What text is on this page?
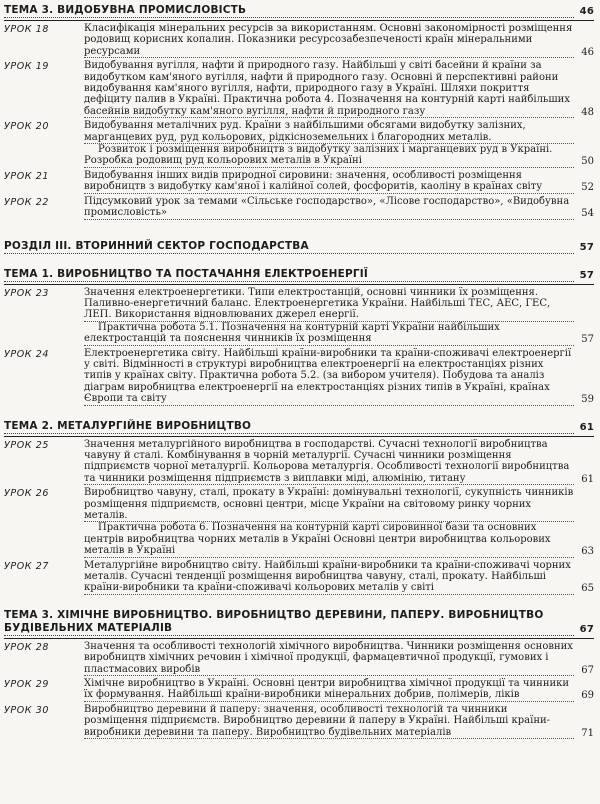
ТЕМА 3. ВИДОБУВНА ПРОМИСЛОВІСТЬ	46
УРОК 18	Класифікація мінеральних ресурсів за використанням. Основні закономірності розміщення родовищ корисних копалин. Показники ресурсозабезпеченості країн мінеральними ресурсами	46
УРОК 19	Видобування вугілля, нафти й природного газу. Найбільші у світі басейни й країни за видобутком кам'яного вугілля, нафти й природного газу. Основні й перспективні райони видобування кам'яного вугілля, нафти, природного газу в Україні. Шляхи покриття дефіциту палив в Україні. Практична робота 4. Позначення на контурній карті найбільших басейнів видобутку кам'яного вугілля, нафти й природного газу	48
УРОК 20	Видобування металічних руд. Країни з найбільшими обсягами видобутку залізних, марганцевих руд, руд кольорових, рідкісноземельних і благородних металів.
Розвиток і розміщення виробництв з видобутку залізних і марганцевих руд в Україні. Розробка родовищ руд кольорових металів в Україні	50
УРОК 21	Видобування інших видів природної сировини: значення, особливості розміщення виробництв з видобутку кам'яної і калійної солей, фосфоритів, каоліну в країнах світу	52
УРОК 22	Підсумковий урок за темами «Сільське господарство», «Лісове господарство», «Видобувна промисловість»	54
РОЗДІЛ ІІІ. ВТОРИННИЙ СЕКТОР ГОСПОДАРСТВА	57
ТЕМА 1. ВИРОБНИЦТВО ТА ПОСТАЧАННЯ ЕЛЕКТРОЕНЕРГІЇ	57
УРОК 23	Значення електроенергетики. Типи електростанцій, основні чинники їх розміщення. Паливно-енергетичний баланс. Електроенергетика України. Найбільші ТЕС, АЕС, ГЕС, ЛЕП. Використання відновлюваних джерел енергії.
Практична робота 5.1. Позначення на контурній карті України найбільших електростанцій та пояснення чинників їх розміщення	57
УРОК 24	Електроенергетика світу. Найбільші країни-виробники та країни-споживачі електроенергії у світі. Відмінності в структурі виробництва електроенергії на електростанціях різних типів у країнах світу. Практична робота 5.2. (за вибором учителя). Побудова та аналіз діаграм виробництва електроенергії на електростанціях різних типів в Україні, країнах Європи та світу	59
ТЕМА 2. МЕТАЛУРГІЙНЕ ВИРОБНИЦТВО	61
УРОК 25	Значення металургійного виробництва в господарстві. Сучасні технології виробництва чавуну й сталі. Комбінування в чорній металургії. Сучасні чинники розміщення підприємств чорної металургії. Кольорова металургія. Особливості технології виробництва та чинники розміщення підприємств з виплавки міді, алюмінію, титану	61
УРОК 26	Виробництво чавуну, сталі, прокату в Україні: домінувальні технології, сукупність чинників розміщення підприємств, основні центри, місце України на світовому ринку чорних металів.
Практична робота 6. Позначення на контурній карті сировинної бази та основних центрів виробництва чорних металів в Україні Основні центри виробництва кольорових металів в Україні	63
УРОК 27	Металургійне виробництво світу. Найбільші країни-виробники та країни-споживачі чорних металів. Сучасні тенденції розміщення виробництва чавуну, сталі, прокату. Найбільші країни-виробники та країни-споживачі кольорових металів у світі	65
ТЕМА 3. ХІМІЧНЕ ВИРОБНИЦТВО. ВИРОБНИЦТВО ДЕРЕВИНИ, ПАПЕРУ. ВИРОБНИЦТВО БУДІВЕЛЬНИХ МАТЕРІАЛІВ	67
УРОК 28	Значення та особливості технологій хімічного виробництва. Чинники розміщення основних виробництв хімічних речовин і хімічної продукції, фармацевтичної продукції, гумових і пластмасових виробів	67
УРОК 29	Хімічне виробництво в Україні. Основні центри виробництва хімічної продукції та чинники їх формування. Найбільші країни-виробники мінеральних добрив, полімерів, ліків	69
УРОК 30	Виробництво деревини й паперу: значення, особливості технологій та чинники розміщення підприємств. Виробництво деревини й паперу в Україні. Найбільші країни-виробники деревини та паперу. Виробництво будівельних матеріалів	71
